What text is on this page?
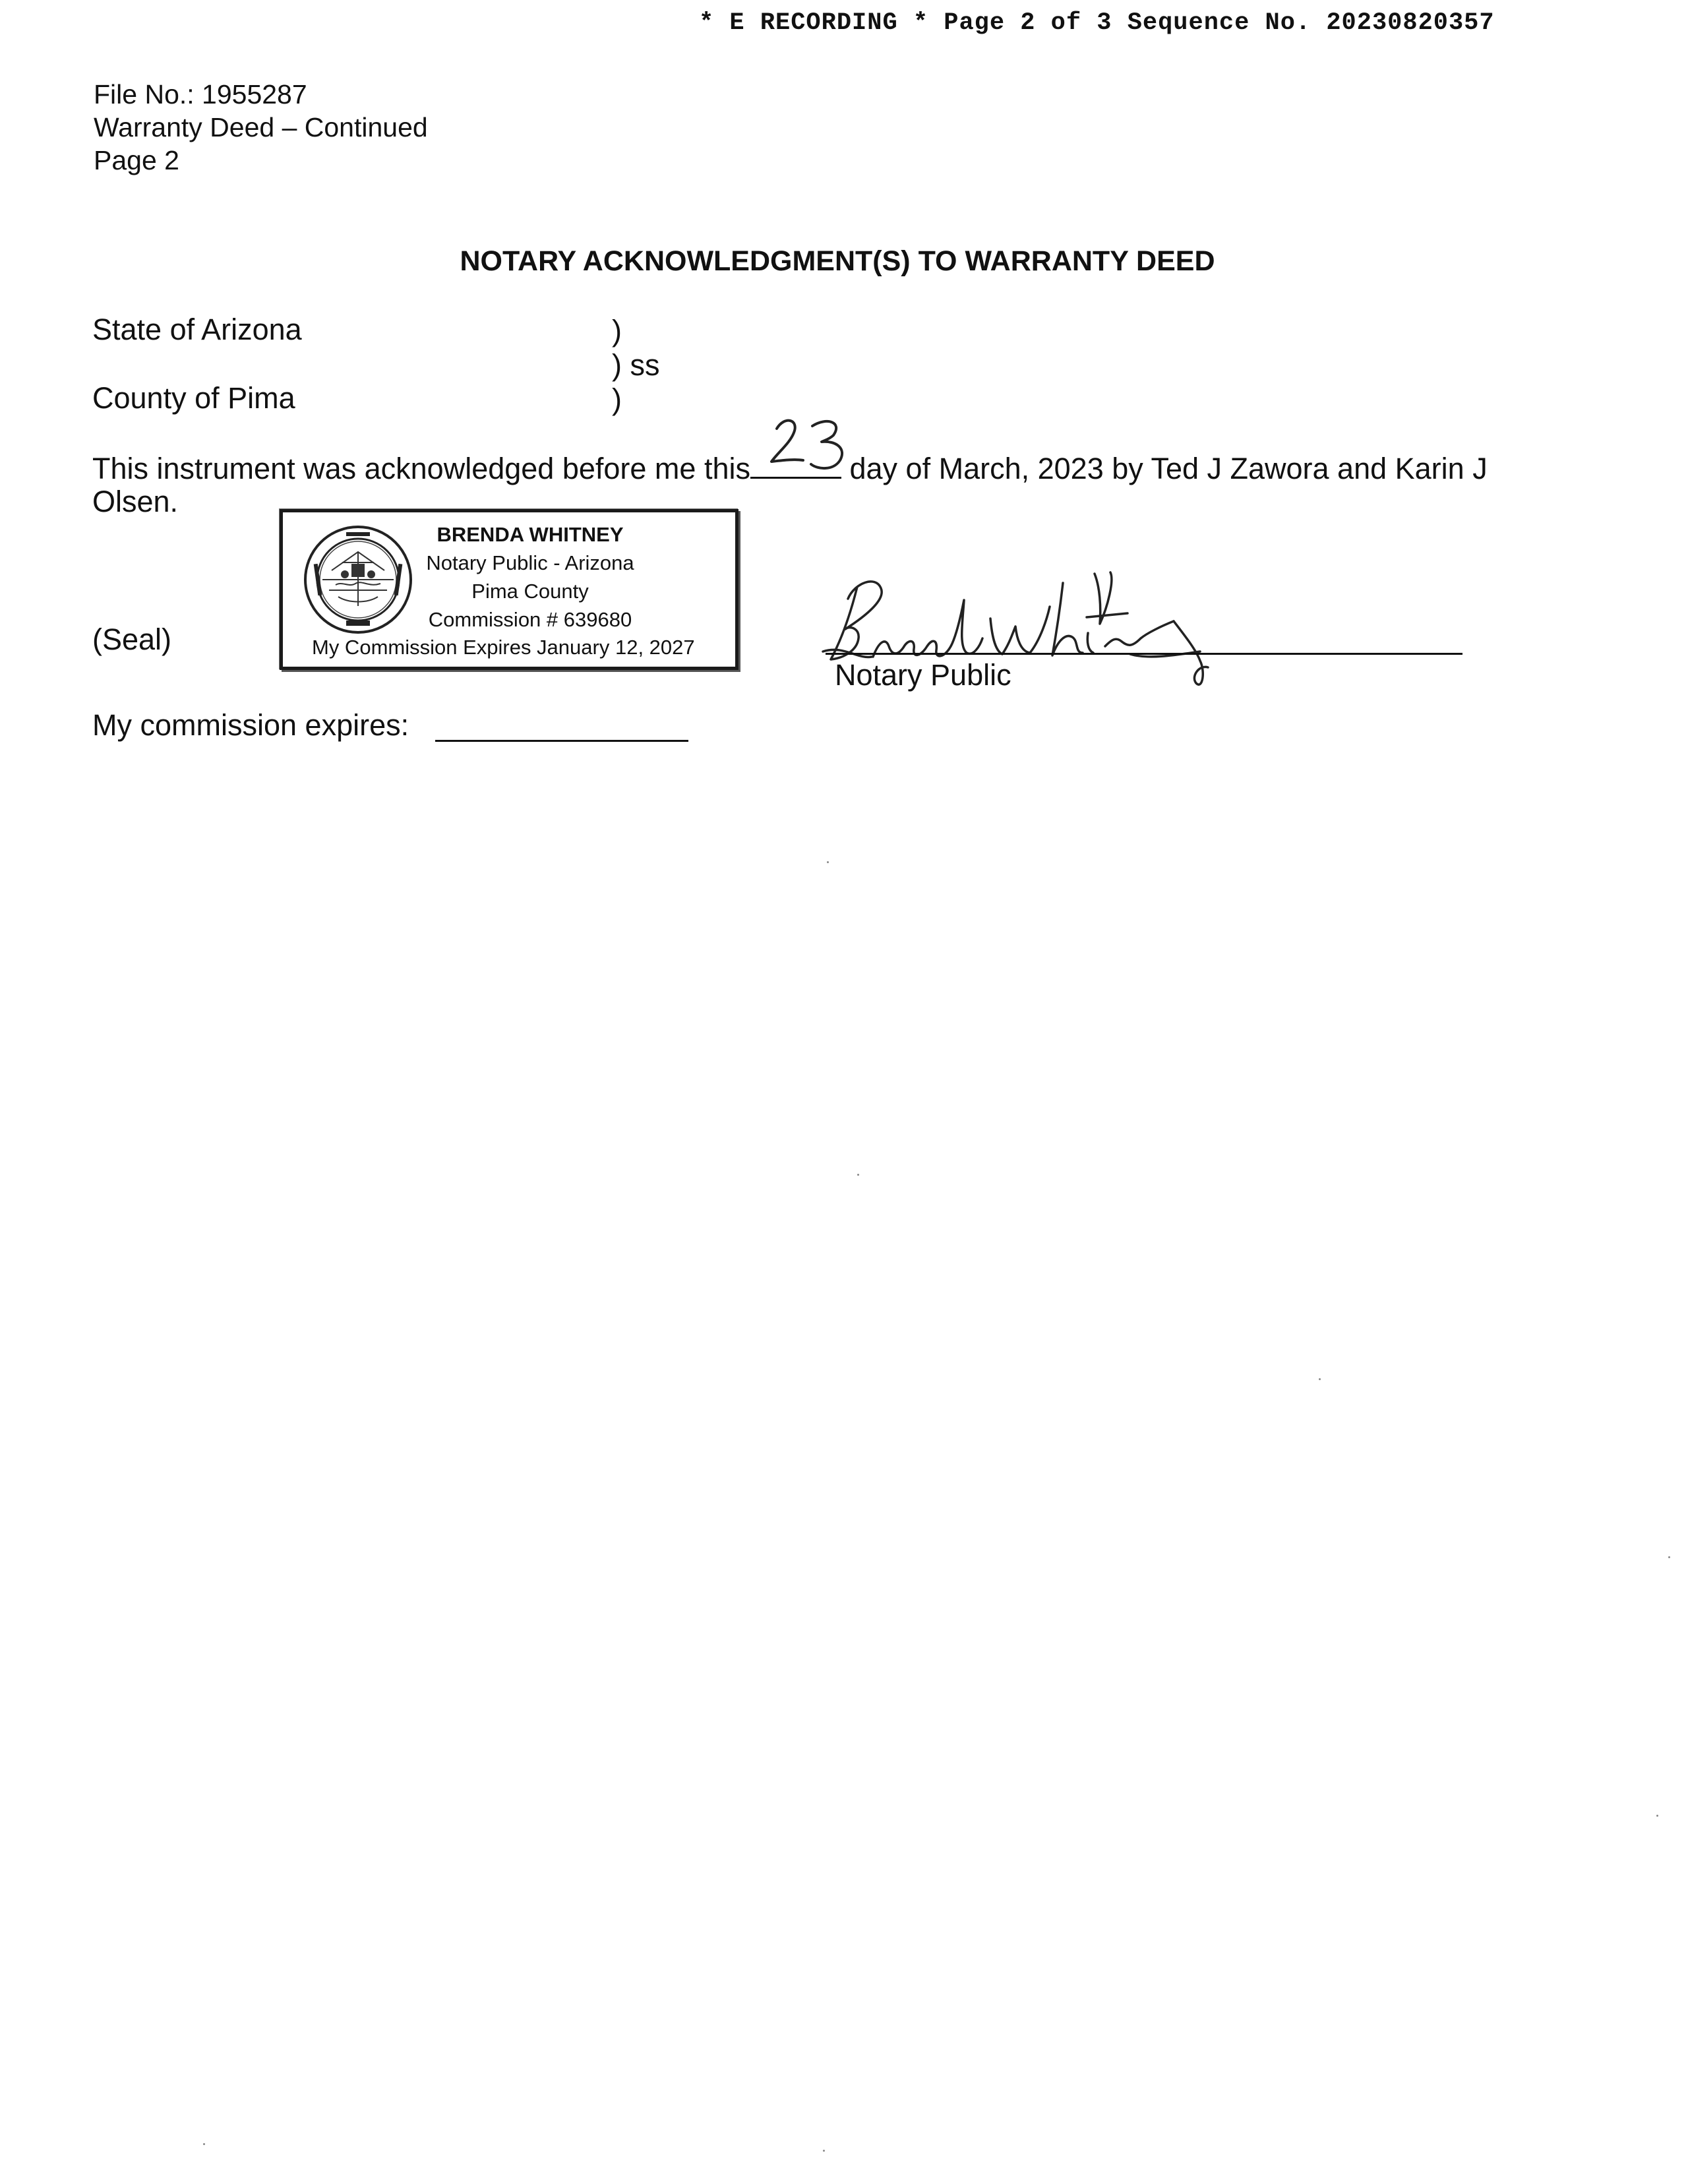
* E RECORDING * Page 2 of 3 Sequence No. 20230820357
File No.: 1955287
Warranty Deed – Continued
Page 2
NOTARY ACKNOWLEDGMENT(S) TO WARRANTY DEED
State of Arizona
County of Pima
)
) ss
)
This instrument was acknowledged before me this	day of March, 2023 by Ted J Zawora and Karin J Olsen.
(Seal)
BRENDA WHITNEY
Notary Public - Arizona
Pima County
Commission # 639680
My Commission Expires January 12, 2027
Notary Public
My commission expires:
